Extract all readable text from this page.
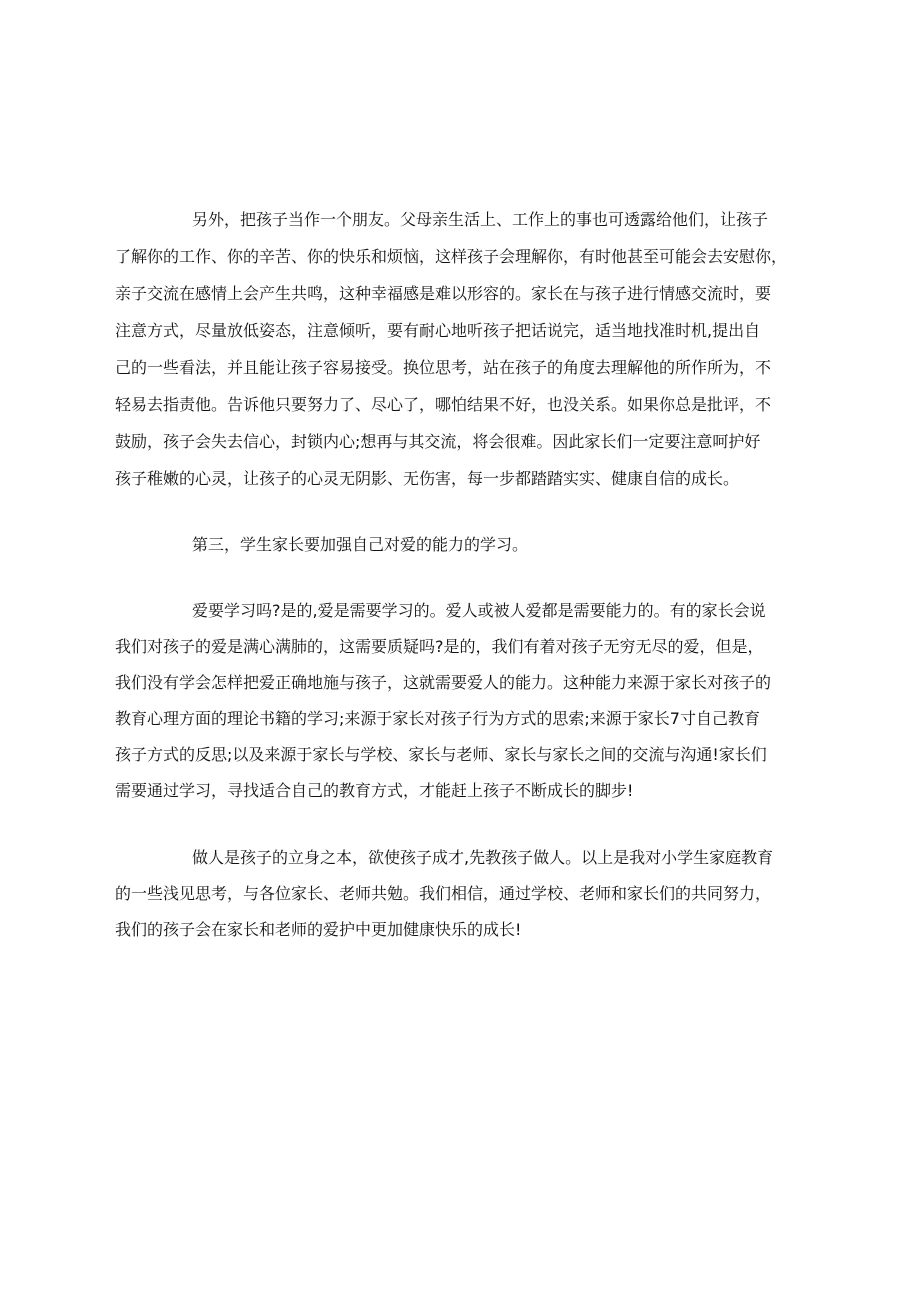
另外，把孩子当作一个朋友。父母亲生活上、工作上的事也可透露给他们，让孩子

了解你的工作、你的辛苦、你的快乐和烦恼，这样孩子会理解你，有时他甚至可能会去安慰你，

亲子交流在感情上会产生共鸣，这种幸福感是难以形容的。家长在与孩子进行情感交流时，要

注意方式，尽量放低姿态，注意倾听，要有耐心地听孩子把话说完，适当地找准时机,提出自

己的一些看法，并且能让孩子容易接受。换位思考，站在孩子的角度去理解他的所作所为，不

轻易去指责他。告诉他只要努力了、尽心了，哪怕结果不好，也没关系。如果你总是批评，不

鼓励，孩子会失去信心，封锁内心;想再与其交流，将会很难。因此家长们一定要注意呵护好

孩子稚嫩的心灵，让孩子的心灵无阴影、无伤害，每一步都踏踏实实、健康自信的成长。

第三，学生家长要加强自己对爱的能力的学习。

爱要学习吗?是的,爱是需要学习的。爱人或被人爱都是需要能力的。有的家长会说

我们对孩子的爱是满心满肺的，这需要质疑吗?是的，我们有着对孩子无穷无尽的爱，但是，

我们没有学会怎样把爱正确地施与孩子，这就需要爱人的能力。这种能力来源于家长对孩子的

教育心理方面的理论书籍的学习;来源于家长对孩子行为方式的思索;来源于家长7寸自己教育

孩子方式的反思;以及来源于家长与学校、家长与老师、家长与家长之间的交流与沟通!家长们

需要通过学习，寻找适合自己的教育方式，才能赶上孩子不断成长的脚步!

做人是孩子的立身之本，欲使孩子成才,先教孩子做人。以上是我对小学生家庭教育

的一些浅见思考，与各位家长、老师共勉。我们相信，通过学校、老师和家长们的共同努力，

我们的孩子会在家长和老师的爱护中更加健康快乐的成长!
